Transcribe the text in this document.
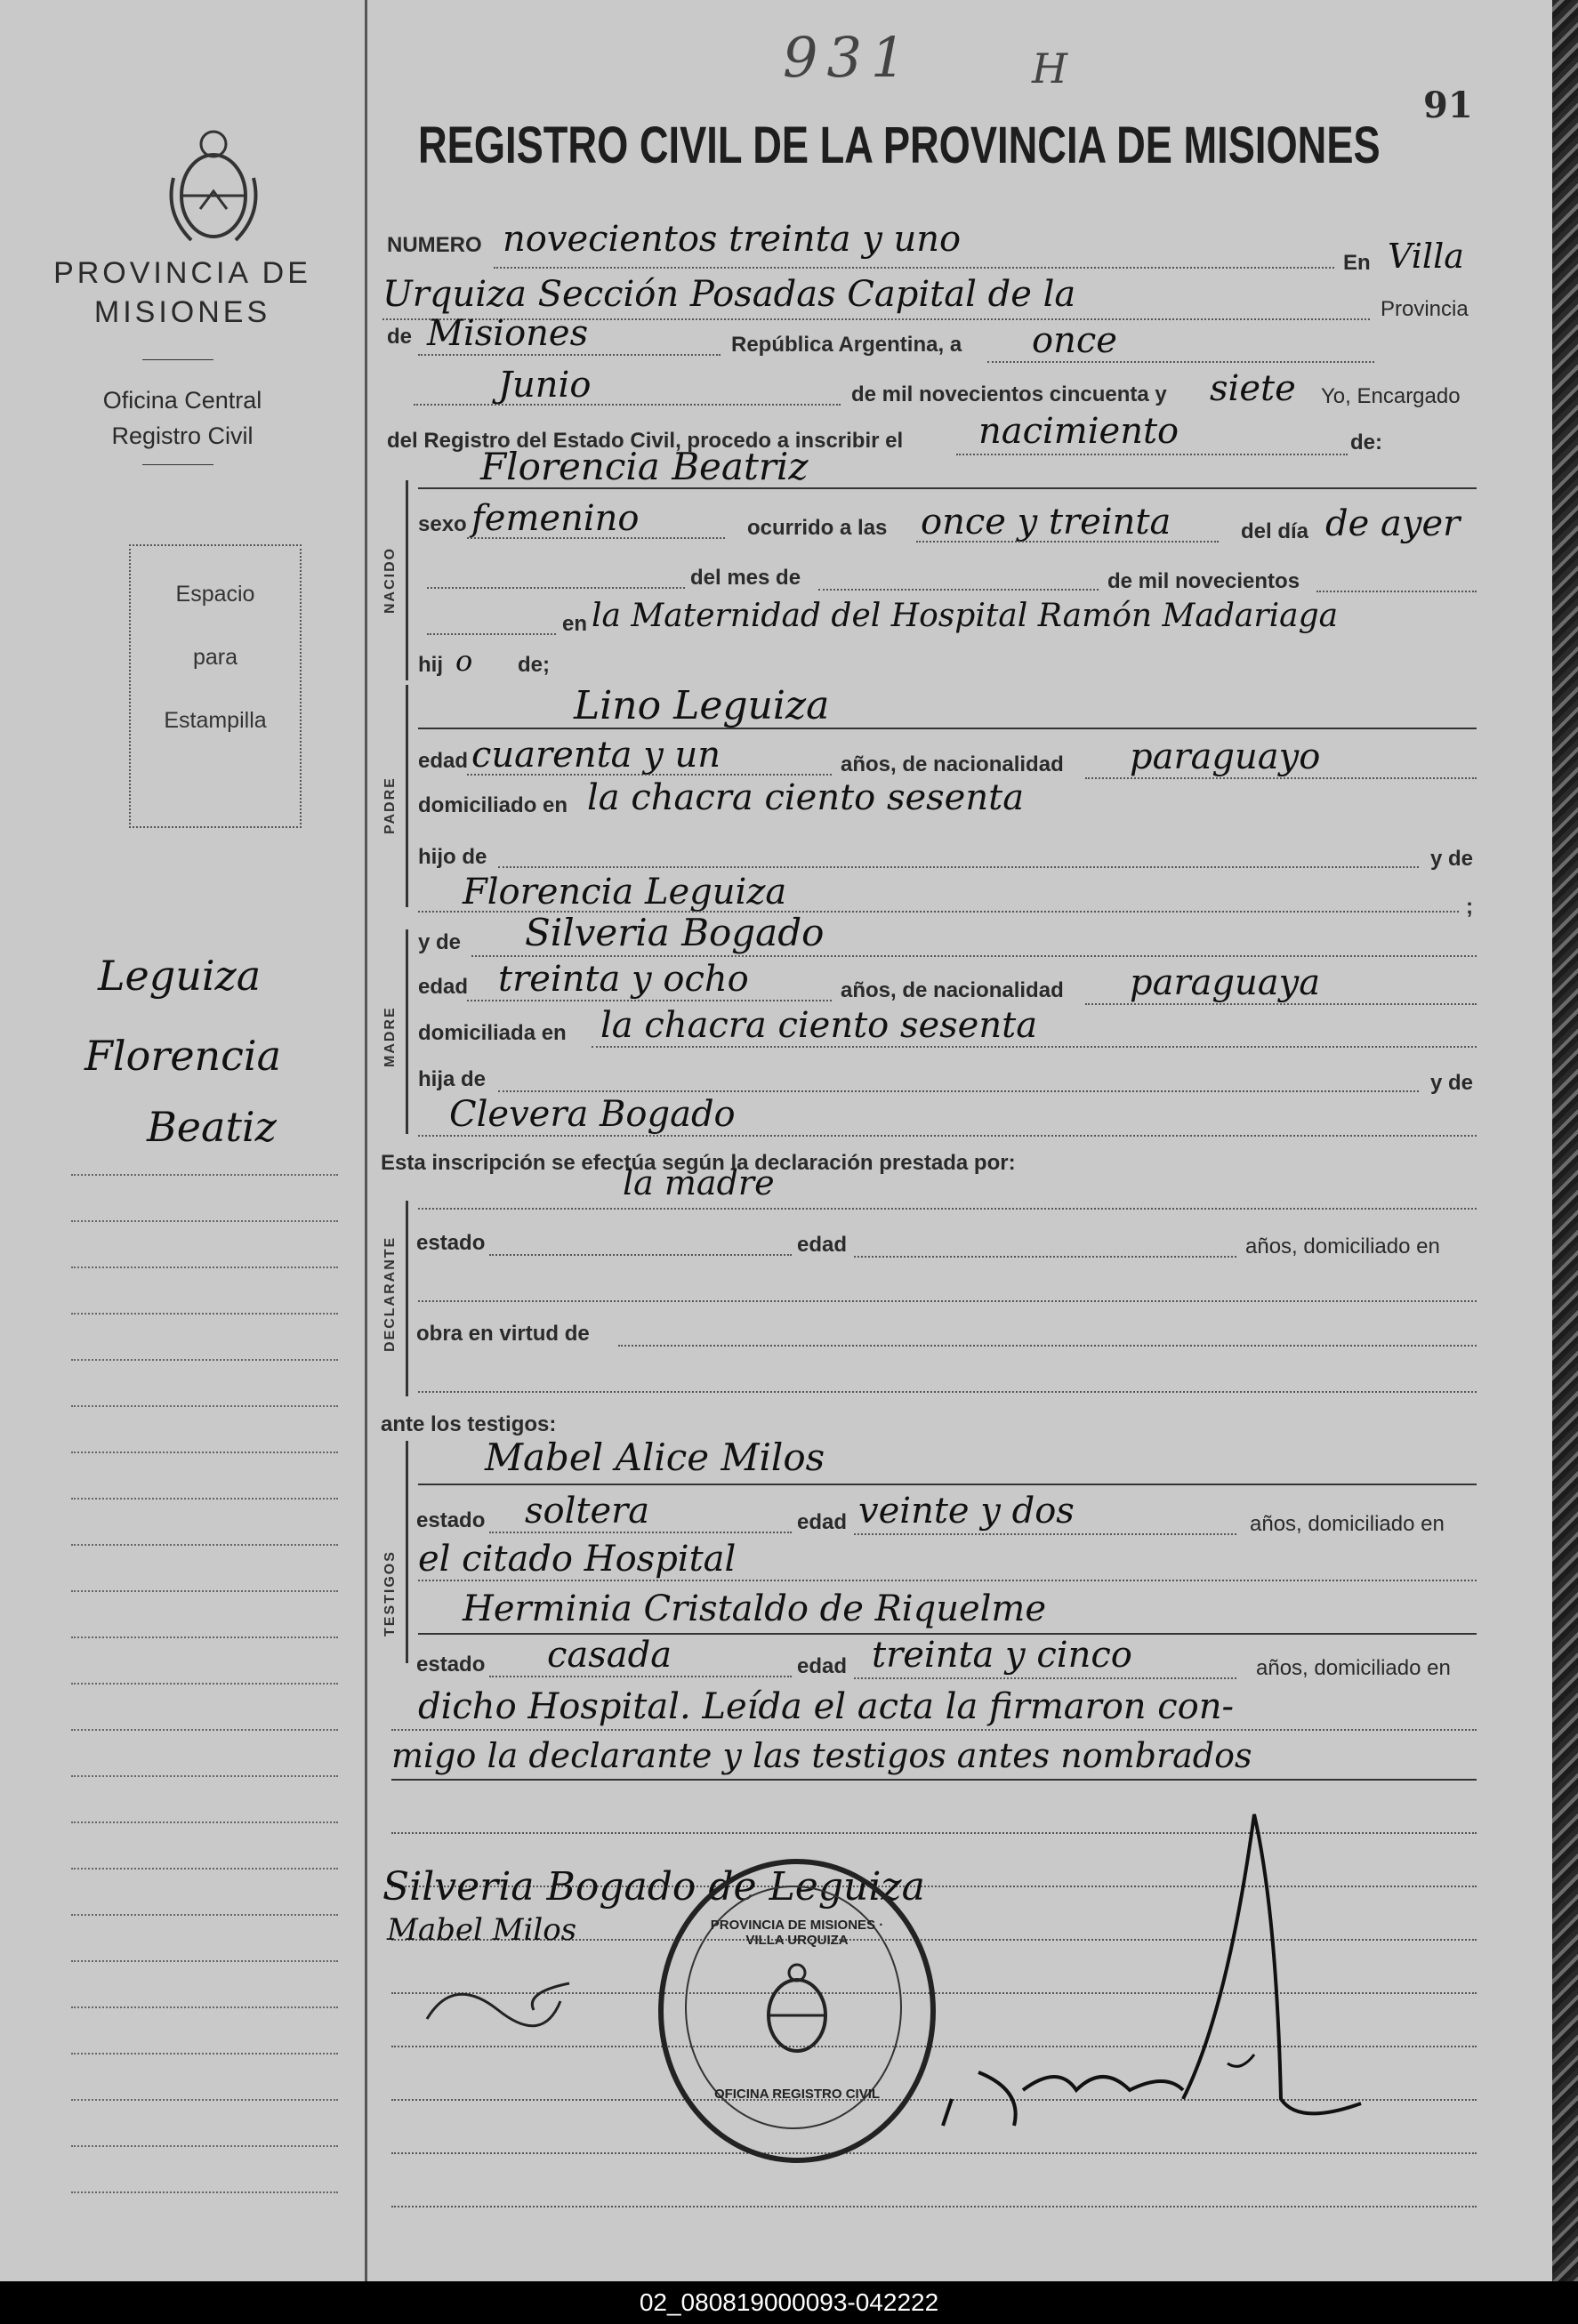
931	H
91
PROVINCIA DE
MISIONES
Oficina Central
Registro Civil
Espacio
para
Estampilla
Leguiza
Florencia
Beatiz
REGISTRO CIVIL DE LA PROVINCIA DE MISIONES
NUMERO novecientos treinta y uno
En Villa
Urquiza Sección Posadas Capital de la	Provincia
de Misiones	República Argentina, a once
Junio	de mil novecientos cincuenta y siete Yo, Encargado
del Registro del Estado Civil, procedo a inscribir el nacimiento	de:
NACIDO
Florencia Beatriz
sexo femenino	ocurrido a las once y treinta	del día de ayer
del mes de	de mil novecientos
en la Maternidad del Hospital Ramón Madariaga
hij o de;
PADRE
Lino Leguiza
edad cuarenta y un	años, de nacionalidad paraguayo
domiciliado en la chacra ciento sesenta
hijo de	y de
Florencia Leguiza	;
MADRE
y de Silveria Bogado
edad treinta y ocho	años, de nacionalidad paraguaya
domiciliada en la chacra ciento sesenta
hija de	y de
Clevera Bogado
Esta inscripción se efectúa según la declaración prestada por:
la madre
DECLARANTE estado	edad	años, domiciliado en
obra en virtud de
ante los testigos:
TESTIGOS
Mabel Alice Milos
estado soltera	edad veinte y dos	años, domiciliado en
el citado Hospital
Herminia Cristaldo de Riquelme
estado casada	edad treinta y cinco	años, domiciliado en
dicho Hospital. Leída el acta la firmaron con-
migo la declarante y las testigos antes nombrados
Silveria Bogado de Leguiza
Mabel Milos	PROVINCIA DE MISIONES · VILLA URQUIZA
OFICINA REGISTRO CIVIL
02_080819000093-042222
